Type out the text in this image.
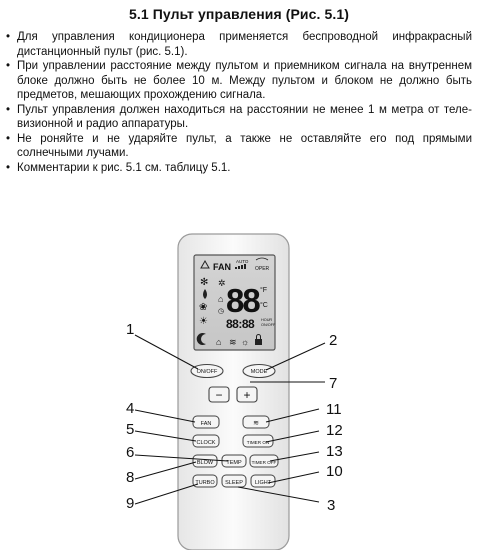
5.1 Пульт управления (Рис. 5.1)
• Для управления кондиционера применяется беспроводной инфракрасный дистанционный пульт (рис. 5.1).
• При управлении расстояние между пультом и приемником сигнала на внутреннем блоке должно быть не более 10 м. Между пультом и блоком не должно быть предметов, мешающих прохождению сигнала.
• Пульт управления должен находиться на расстоянии не менее 1 м метра от теле-визионной и радио аппаратуры.
• Не роняйте и не ударяйте пульт, а также не оставляйте его под прямыми солнечными лучами.
• Комментарии к рис. 5.1 см. таблицу 5.1.
FAN
AUTO
OPER
✻
❀
☀
✲
⌂
◷ 88 °F
°C
88:88 HOUR
ON/OFF
⌂ ≋ ☼
ON/OFF	MODE
− +
FAN	≋
CLOCK	TIMER ON
BLOW TEMP TIMER OFF
TURBO SLEEP LIGHT
1
2
3
4
5
6
7
8
9
10
11
12
13
